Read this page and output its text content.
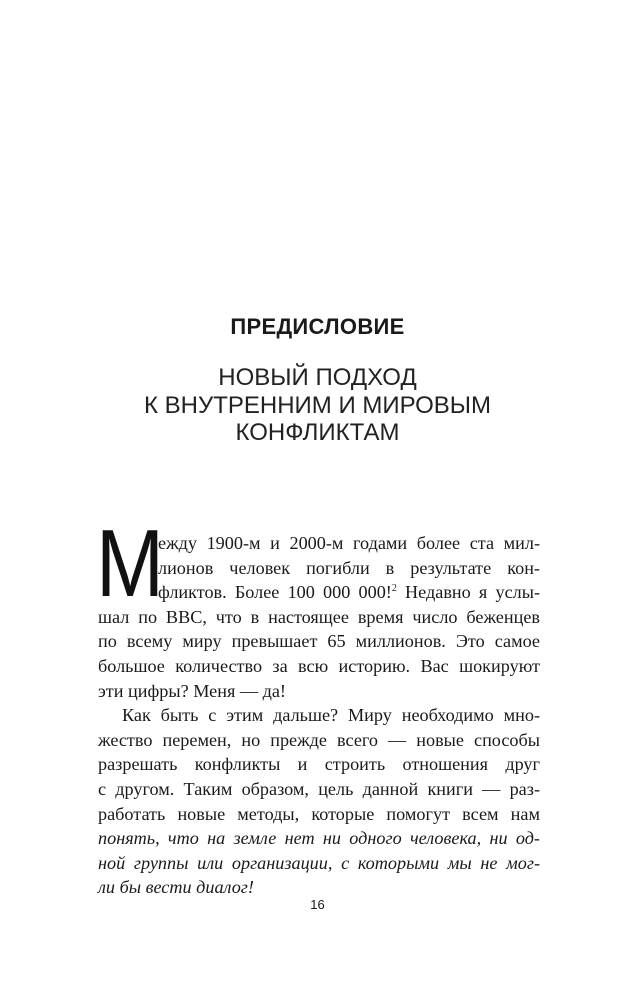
ПРЕДИСЛОВИЕ
НОВЫЙ ПОДХОД
К ВНУТРЕННИМ И МИРОВЫМ
КОНФЛИКТАМ
М
ежду 1900-м и 2000-м годами более ста мил-
лионов человек погибли в результате кон-
фликтов. Более 100 000 000!$^2$ Недавно я услы-
шал по ВВС, что в настоящее время число беженцев
по всему миру превышает 65 миллионов. Это самое
большое количество за всю историю. Вас шокируют
эти цифры? Меня — да!
Как быть с этим дальше? Миру необходимо мно-
жество перемен, но прежде всего — новые способы
разрешать конфликты и строить отношения друг
с другом. Таким образом, цель данной книги — раз-
работать новые методы, которые помогут всем нам
понять, что на земле нет ни одного человека, ни од-
ной группы или организации, с которыми мы не мог-
ли бы вести диалог!
16
